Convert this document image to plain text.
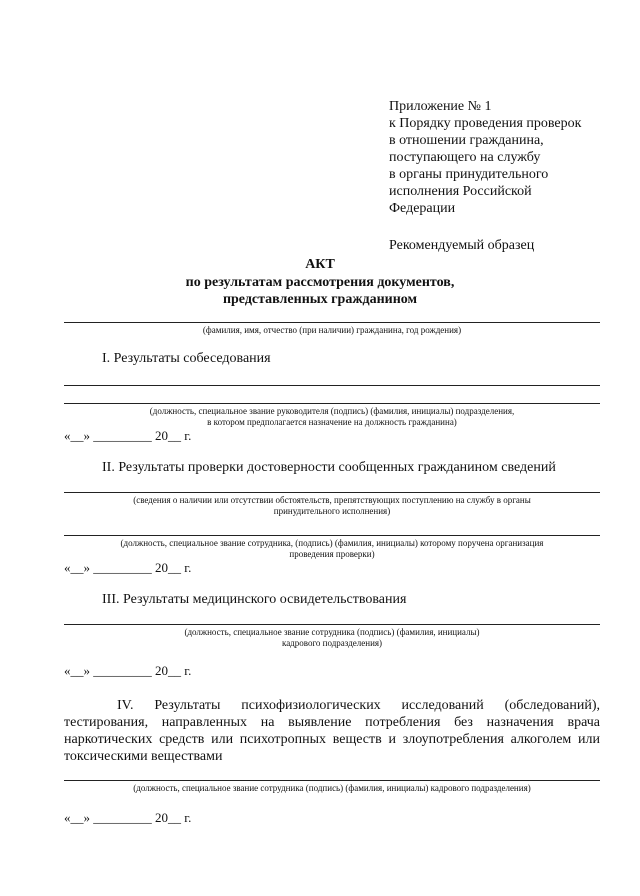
Приложение № 1
к Порядку проведения проверок
в отношении гражданина,
поступающего на службу
в органы принудительного
исполнения Российской
Федерации
Рекомендуемый образец
АКТ
по результатам рассмотрения документов,
представленных гражданином
(фамилия, имя, отчество (при наличии) гражданина, год рождения)
I. Результаты собеседования
(должность, специальное звание руководителя (подпись) (фамилия, инициалы) подразделения,
в котором предполагается назначение на должность гражданина)
«__» _________ 20__ г.
II. Результаты проверки достоверности сообщенных гражданином сведений
(сведения о наличии или отсутствии обстоятельств, препятствующих поступлению на службу в органы
принудительного исполнения)
(должность, специальное звание сотрудника, (подпись) (фамилия, инициалы) которому поручена организация
проведения проверки)
«__» _________ 20__ г.
III. Результаты медицинского освидетельствования
(должность, специальное звание сотрудника (подпись) (фамилия, инициалы)
кадрового подразделения)
«__» _________ 20__ г.
IV. Результаты психофизиологических исследований (обследований),
тестирования, направленных на выявление потребления без назначения врача
наркотических средств или психотропных веществ и злоупотребления алкоголем или
токсическими веществами
(должность, специальное звание сотрудника (подпись) (фамилия, инициалы) кадрового подразделения)
«__» _________ 20__ г.
